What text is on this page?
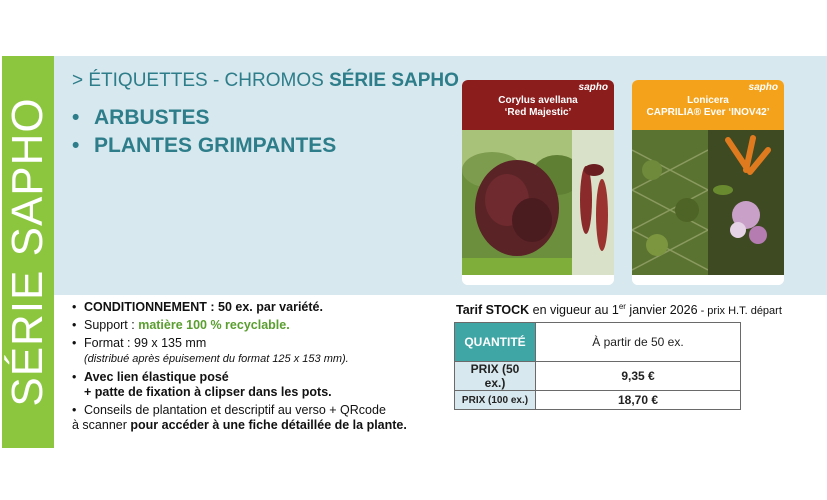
SÉRIE SAPHO
> ÉTIQUETTES - CHROMOS SÉRIE SAPHO
• ARBUSTES
• PLANTES GRIMPANTES
sapho
Corylus avellana
‘Red Majestic’
sapho
Lonicera
CAPRILIA® Ever ‘INOV42’
• CONDITIONNEMENT : 50 ex. par variété.
• Support : matière 100 % recyclable.
• Format : 99 x 135 mm
(distribué après épuisement du format 125 x 153 mm).
• Avec lien élastique posé
+ patte de fixation à clipser dans les pots.
• Conseils de plantation et descriptif au verso + QRcode
à scanner pour accéder à une fiche détaillée de la plante.
Tarif STOCK en vigueur au 1er janvier 2026 - prix H.T. départ
QUANTITÉ	À partir de 50 ex.
PRIX (50 ex.)	9,35 €
PRIX (100 ex.)	18,70 €
